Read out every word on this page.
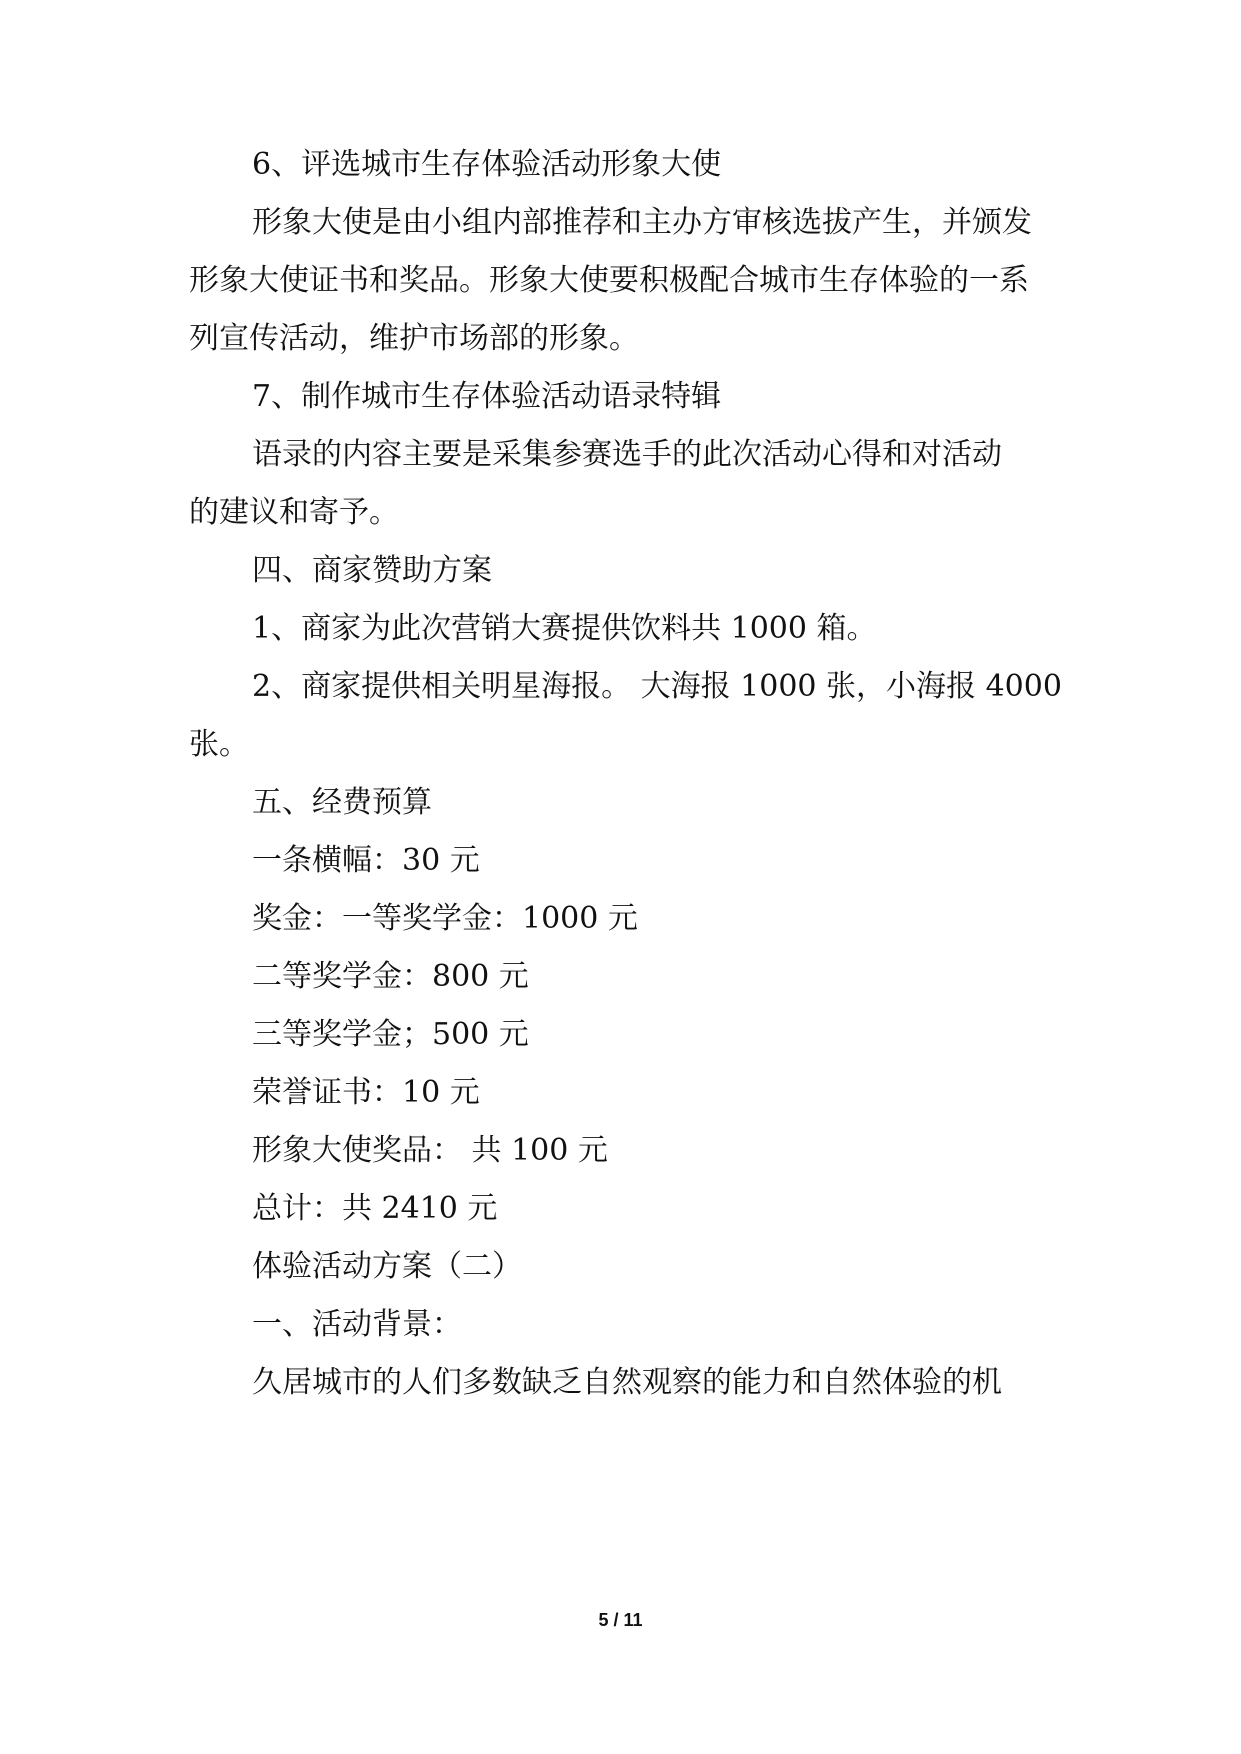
6、评选城市生存体验活动形象大使
形象大使是由小组内部推荐和主办方审核选拔产生，并颁发
形象大使证书和奖品。形象大使要积极配合城市生存体验的一系
列宣传活动，维护市场部的形象。
7、制作城市生存体验活动语录特辑
语录的内容主要是采集参赛选手的此次活动心得和对活动
的建议和寄予。
四、商家赞助方案
1、商家为此次营销大赛提供饮料共 1000 箱。
2、商家提供相关明星海报。 大海报 1000 张，小海报 4000
张。
五、经费预算
一条横幅：30 元
奖金：一等奖学金：1000 元
二等奖学金：800 元
三等奖学金；500 元
荣誉证书：10 元
形象大使奖品： 共 100 元
总计：共 2410 元
体验活动方案（二）
一、活动背景：
久居城市的人们多数缺乏自然观察的能力和自然体验的机
5 / 11
